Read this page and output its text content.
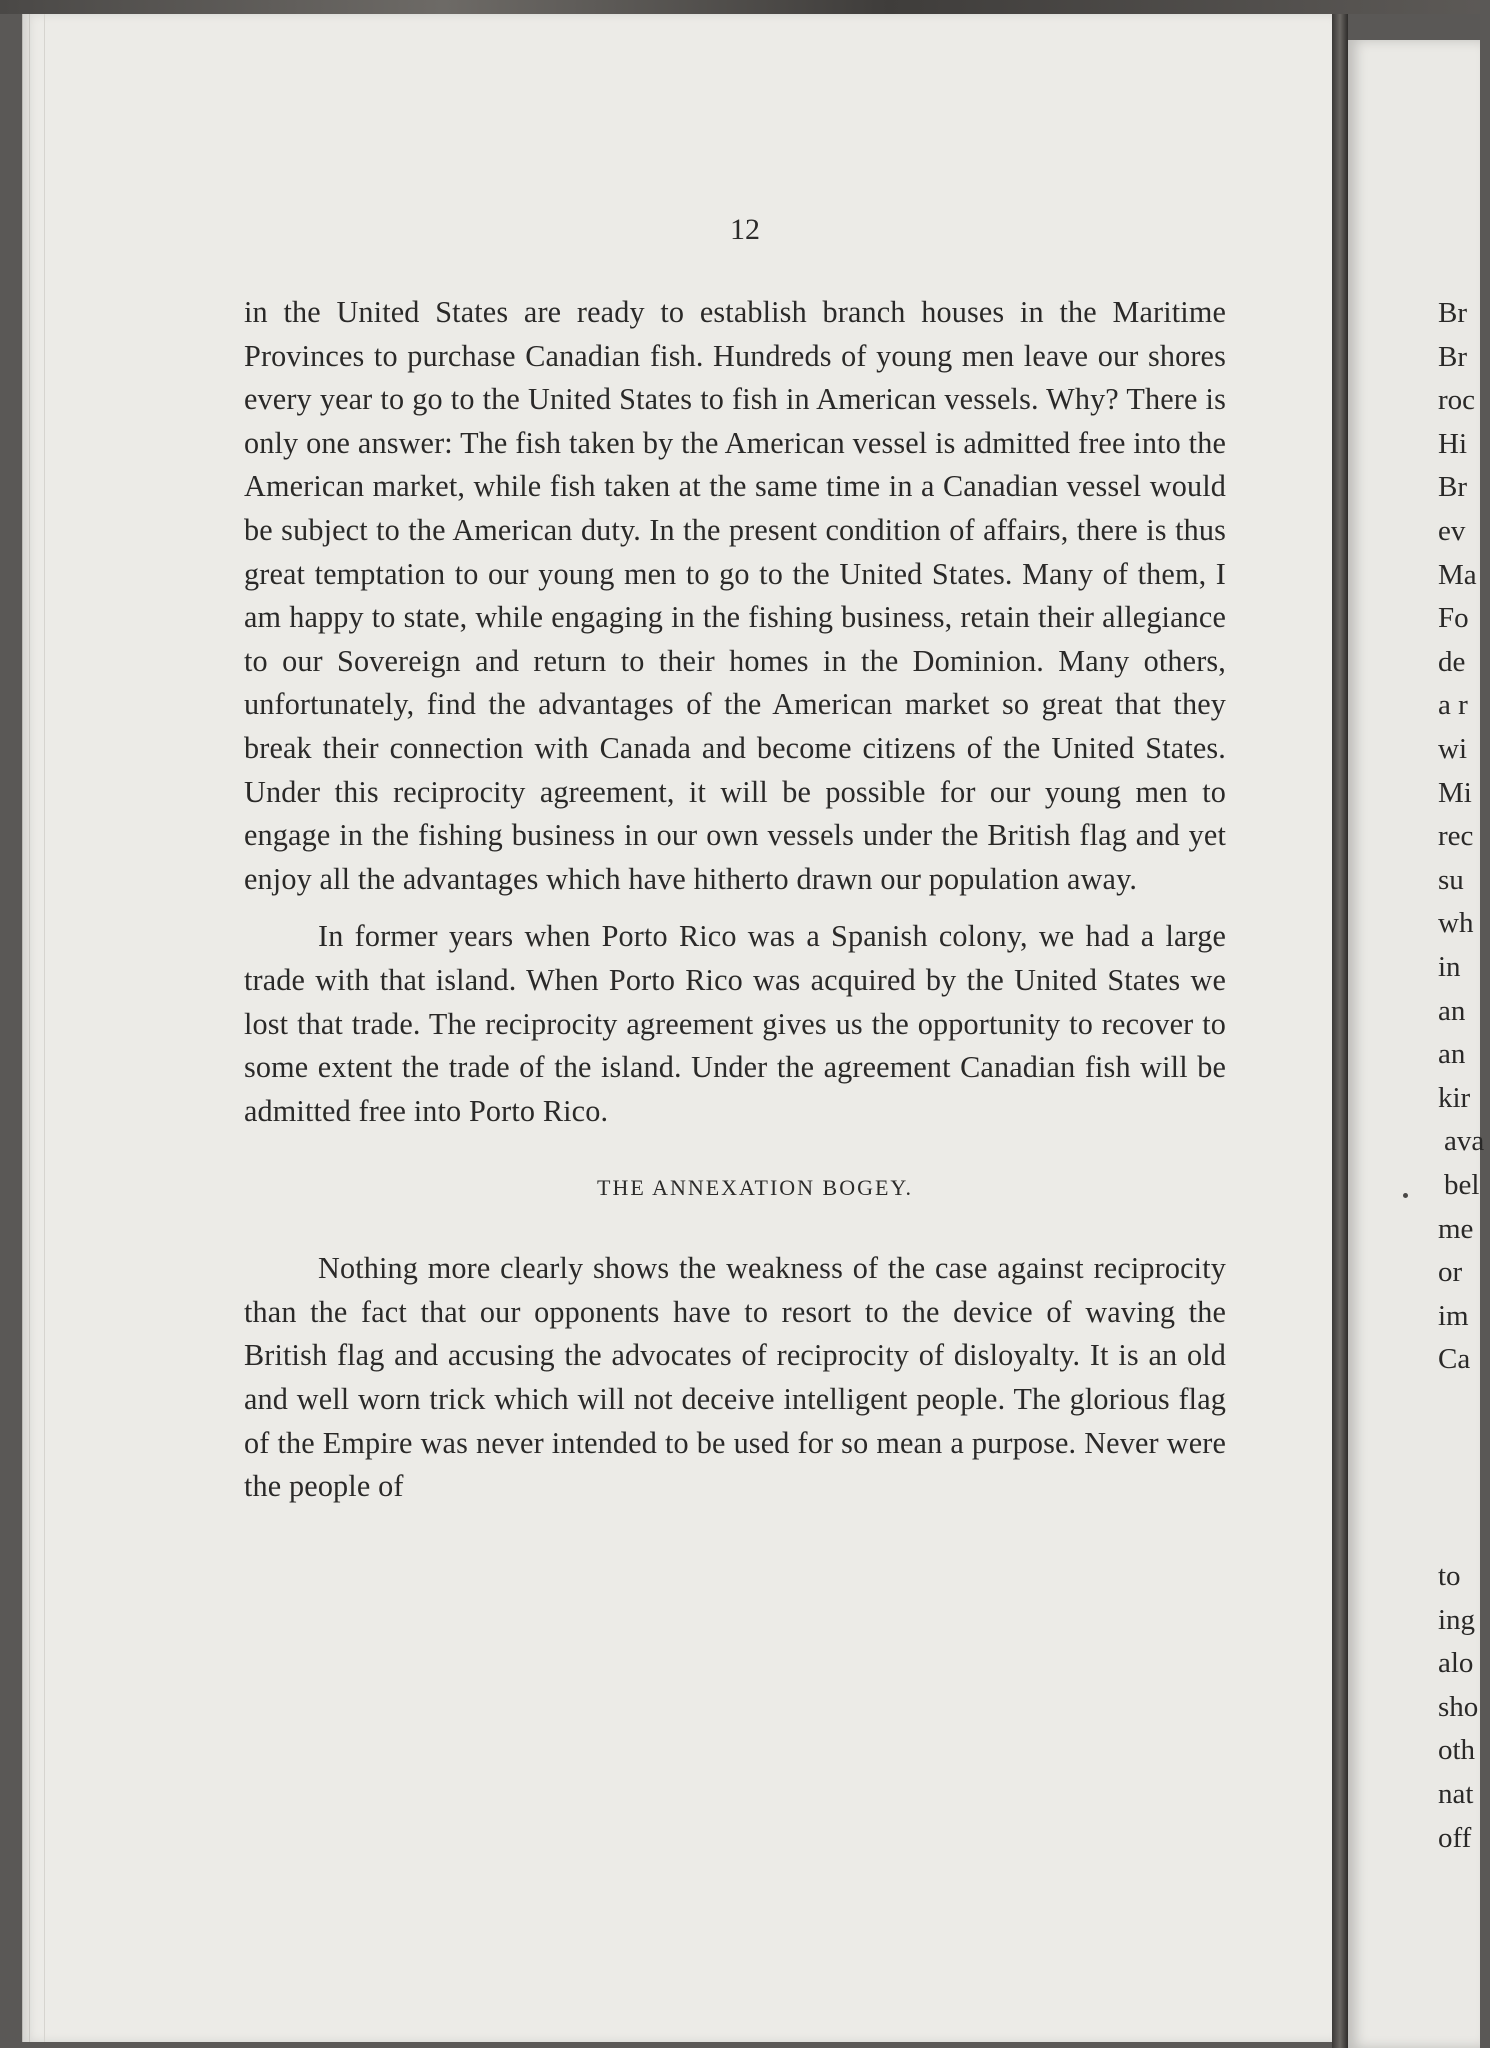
Br
Br
roc
Hi
Br
ev
Ma
Fo
de
a r
wi
Mi
rec
su
wh
in
an
an
kir
ava
bel
me
or
im
Ca
to
ing
alo
sho
oth
nat
off
12

in the United States are ready to establish branch houses in the Maritime Provinces to purchase Canadian fish. Hundreds of young men leave our shores every year to go to the United States to fish in American vessels. Why? There is only one answer: The fish taken by the American vessel is admitted free into the American market, while fish taken at the same time in a Canadian vessel would be subject to the American duty. In the present condition of affairs, there is thus great temptation to our young men to go to the United States. Many of them, I am happy to state, while engaging in the fishing business, retain their allegiance to our Sovereign and return to their homes in the Dominion. Many others, unfortunately, find the advantages of the American market so great that they break their connection with Canada and become citizens of the United States. Under this reciprocity agreement, it will be possible for our young men to engage in the fishing business in our own vessels under the British flag and yet enjoy all the advantages which have hitherto drawn our population away.

In former years when Porto Rico was a Spanish colony, we had a large trade with that island. When Porto Rico was acquired by the United States we lost that trade. The reciprocity agreement gives us the opportunity to recover to some extent the trade of the island. Under the agreement Canadian fish will be admitted free into Porto Rico.

THE ANNEXATION BOGEY.

Nothing more clearly shows the weakness of the case against reciprocity than the fact that our opponents have to resort to the device of waving the British flag and accusing the advocates of reciprocity of disloyalty. It is an old and well worn trick which will not deceive intelligent people. The glorious flag of the Empire was never intended to be used for so mean a purpose. Never were the people of
